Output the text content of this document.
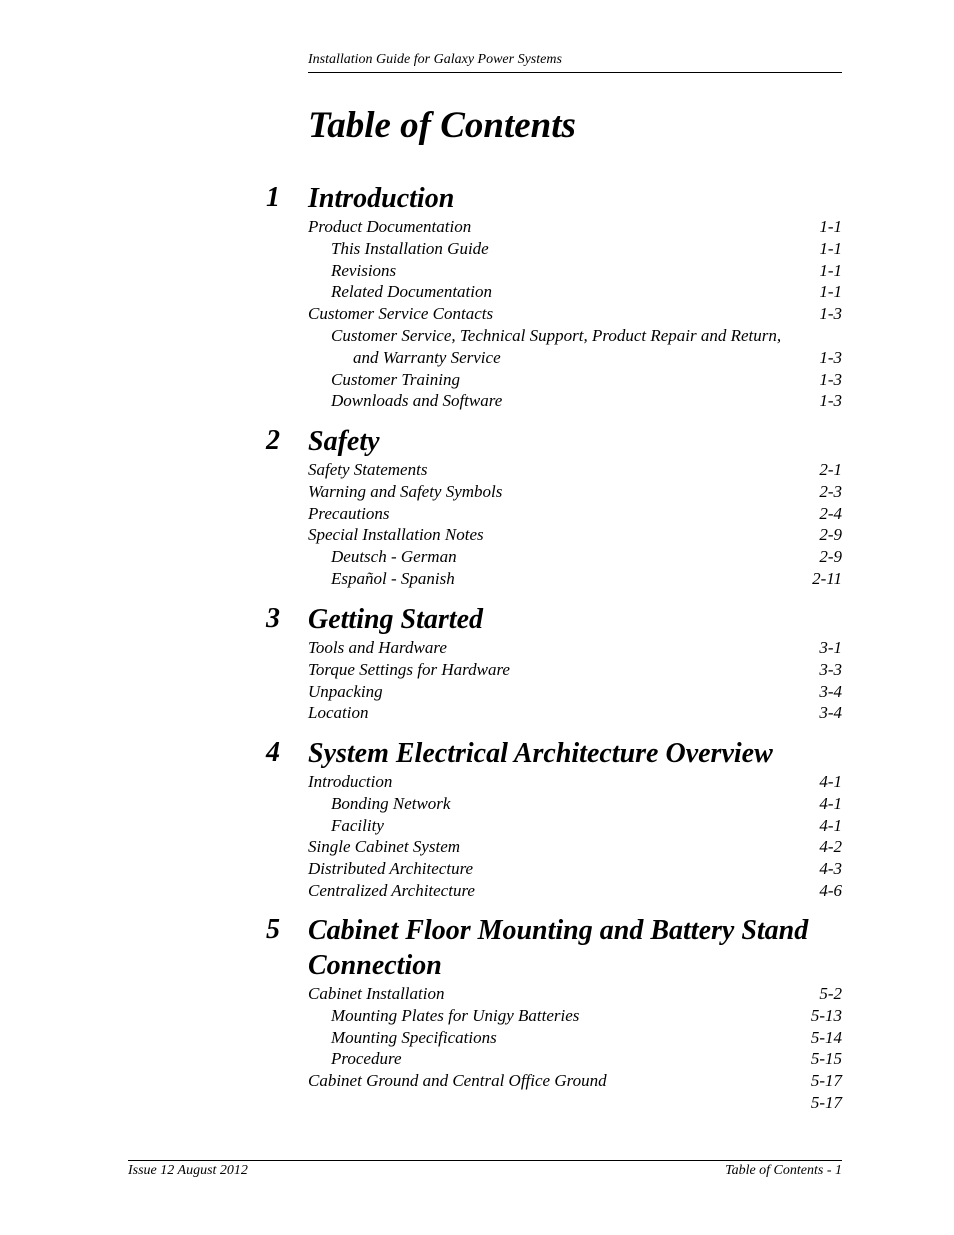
Installation Guide for Galaxy Power Systems
Table of Contents
1	Introduction
Product Documentation	1-1
This Installation Guide	1-1
Revisions	1-1
Related Documentation	1-1
Customer Service Contacts	1-3
Customer Service, Technical Support, Product Repair and Return,
and Warranty Service	1-3
Customer Training	1-3
Downloads and Software	1-3
2	Safety
Safety Statements	2-1
Warning and Safety Symbols	2-3
Precautions	2-4
Special Installation Notes	2-9
Deutsch - German	2-9
Español - Spanish	2-11
3	Getting Started
Tools and Hardware	3-1
Torque Settings for Hardware	3-3
Unpacking	3-4
Location	3-4
4	System Electrical Architecture Overview
Introduction	4-1
Bonding Network	4-1
Facility	4-1
Single Cabinet System	4-2
Distributed Architecture	4-3
Centralized Architecture	4-6
5	Cabinet Floor Mounting and Battery Stand Connection
Cabinet Installation	5-2
Mounting Plates for Unigy Batteries	5-13
Mounting Specifications	5-14
Procedure	5-15
Cabinet Ground and Central Office Ground	5-17
5-17
Issue 12 August 2012	Table of Contents - 1
